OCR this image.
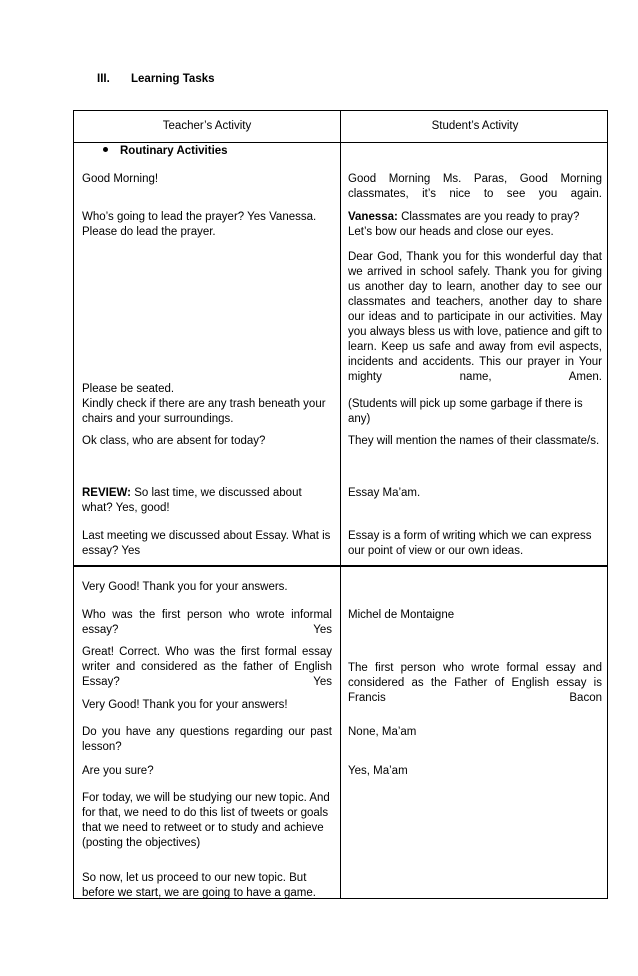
III. Learning Tasks
Teacher’s Activity	Student’s Activity
Routinary Activities
Good Morning!
Who’s going to lead the prayer? Yes Vanessa. Please do lead the prayer.
Please be seated.
Kindly check if there are any trash beneath your chairs and your surroundings.
Ok class, who are absent for today?
REVIEW: So last time, we discussed about what? Yes, good!
Last meeting we discussed about Essay. What is essay? Yes
Good Morning Ms. Paras, Good Morning classmates, it’s nice to see you again.
Vanessa: Classmates are you ready to pray? Let’s bow our heads and close our eyes.
Dear God, Thank you for this wonderful day that we arrived in school safely. Thank you for giving us another day to learn, another day to see our classmates and teachers, another day to share our ideas and to participate in our activities. May you always bless us with love, patience and gift to learn. Keep us safe and away from evil aspects, incidents and accidents. This our prayer in Your mighty name, Amen.
(Students will pick up some garbage if there is any)
They will mention the names of their classmate/s.
Essay Ma’am.
Essay is a form of writing which we can express our point of view or our own ideas.
Very Good! Thank you for your answers.
Who was the first person who wrote informal essay? Yes
Great! Correct. Who was the first formal essay writer and considered as the father of English Essay? Yes
Very Good! Thank you for your answers!
Do you have any questions regarding our past lesson?
Are you sure?
For today, we will be studying our new topic. And for that, we need to do this list of tweets or goals that we need to retweet or to study and achieve (posting the objectives)
So now, let us proceed to our new topic. But before we start, we are going to have a game.
Michel de Montaigne
The first person who wrote formal essay and considered as the Father of English essay is Francis Bacon
None, Ma’am
Yes, Ma’am
